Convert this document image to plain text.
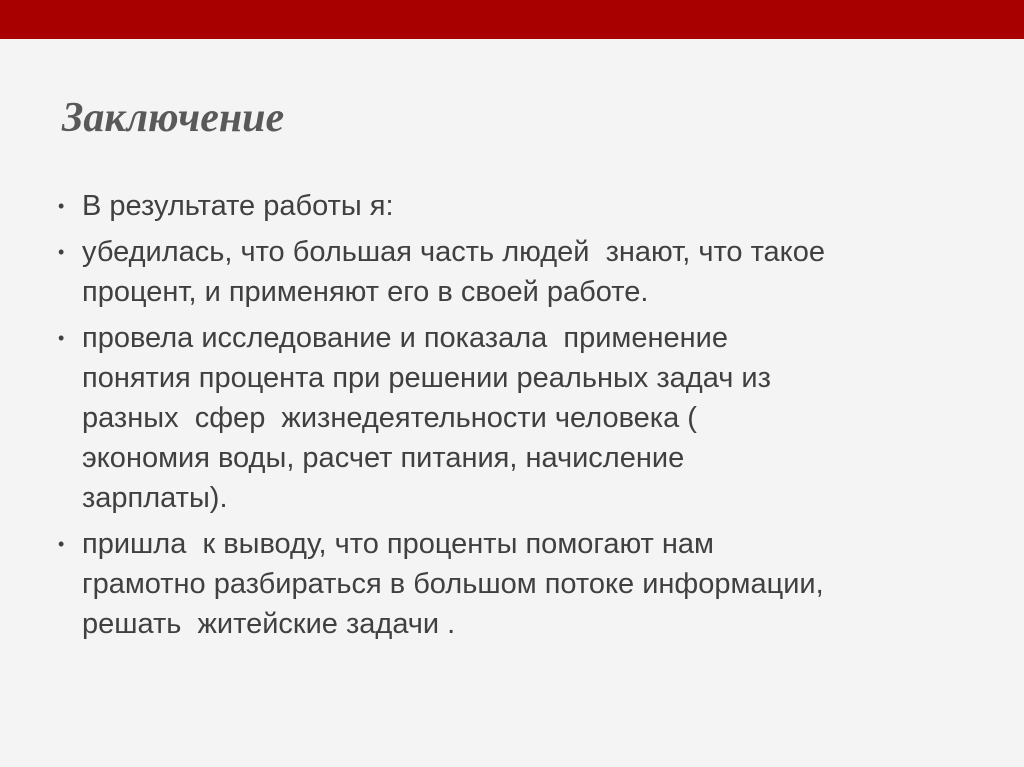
Заключение
• В результате работы я:
• убедилась, что большая часть людей  знают, что такое
процент, и применяют его в своей работе.
• провела исследование и показала  применение
понятия процента при решении реальных задач из
разных  сфер  жизнедеятельности человека (
экономия воды, расчет питания, начисление
зарплаты).
• пришла  к выводу, что проценты помогают нам
грамотно разбираться в большом потоке информации,
решать  житейские задачи .
